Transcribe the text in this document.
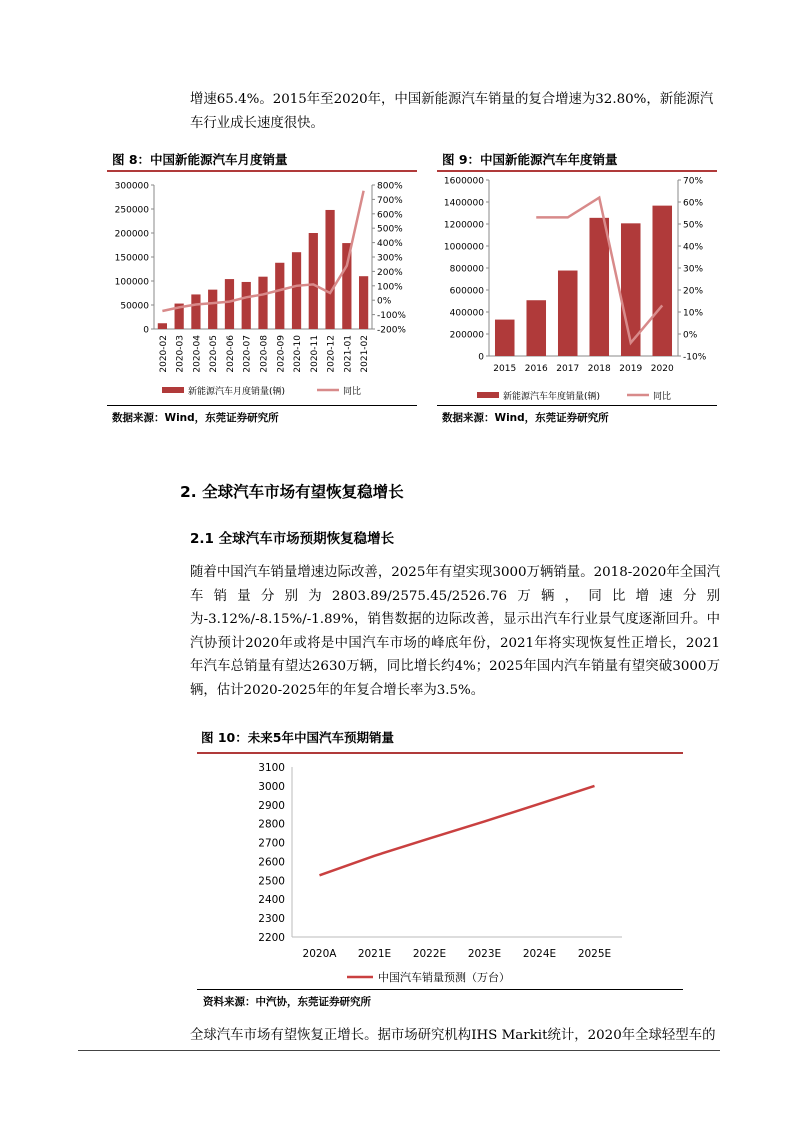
增速65.4%。2015年至2020年，中国新能源汽车销量的复合增速为32.80%，新能源汽车行业成长速度很快。
图 8：中国新能源汽车月度销量
0
50000
100000
150000
200000
250000
300000
-200%
-100%
0%
100%
200%
300%
400%
500%
600%
700%
800%
2020-02 2020-03 2020-04 2020-05 2020-06 2020-07 2020-08 2020-09 2020-10 2020-11 2020-12 2021-01 2021-02
新能源汽车月度销量(辆)	同比
数据来源：Wind，东莞证券研究所
图 9：中国新能源汽车年度销量
0
200000
400000
600000
800000
1000000
1200000
1400000
1600000
-10%
0%
10%
20%
30%
40%
50%
60%
70%
2015 2016 2017 2018 2019 2020
新能源汽车年度销量(辆)	同比
数据来源：Wind，东莞证券研究所
2. 全球汽车市场有望恢复稳增长
2.1 全球汽车市场预期恢复稳增长
随着中国汽车销量增速边际改善，2025年有望实现3000万辆销量。2018-2020年全国汽车销量分别为2803.89/2575.45/2526.76万辆，同比增速分别为-3.12%/-8.15%/-1.89%，销售数据的边际改善，显示出汽车行业景气度逐渐回升。中汽协预计2020年或将是中国汽车市场的峰底年份，2021年将实现恢复性正增长，2021年汽车总销量有望达2630万辆，同比增长约4%；2025年国内汽车销量有望突破3000万辆，估计2020-2025年的年复合增长率为3.5%。
图 10：未来5年中国汽车预期销量
2200
2300
2400
2500
2600
2700
2800
2900
3000
3100
2020A 2021E 2022E 2023E 2024E 2025E
中国汽车销量预测（万台）
资料来源：中汽协，东莞证券研究所
全球汽车市场有望恢复正增长。据市场研究机构IHS Markit统计，2020年全球轻型车的
